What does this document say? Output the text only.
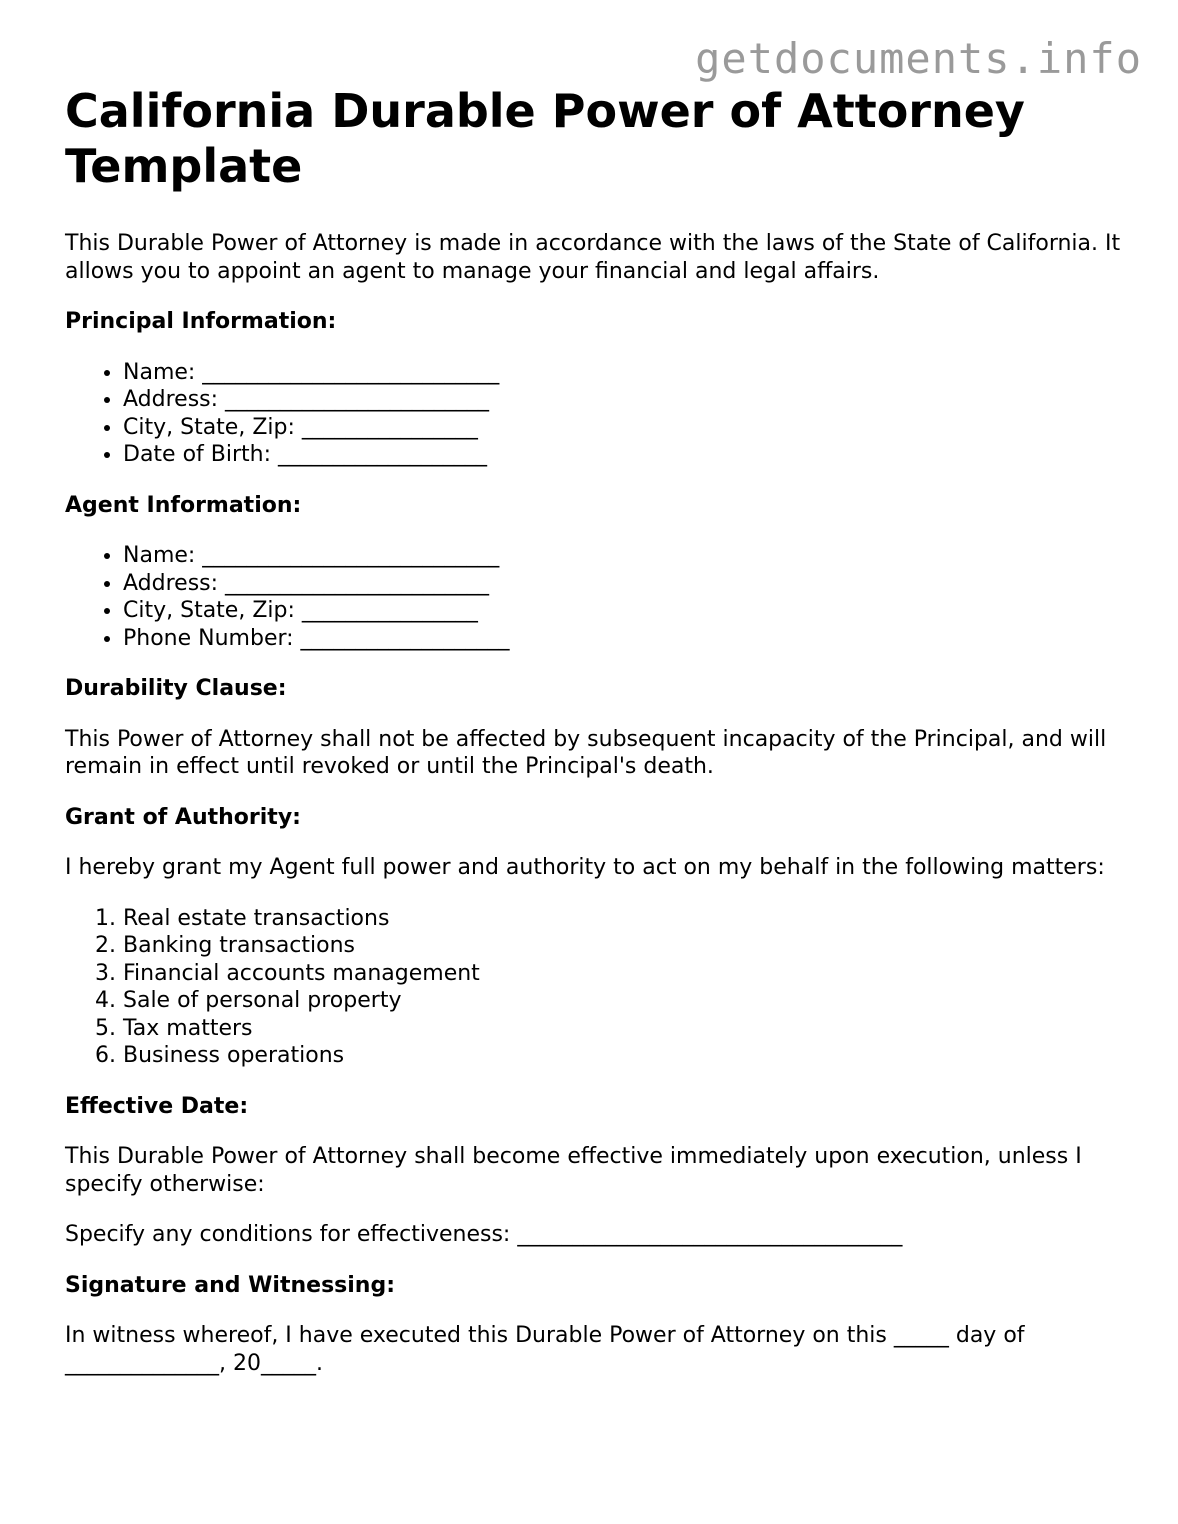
getdocuments.info
California Durable Power of Attorney Template

This Durable Power of Attorney is made in accordance with the laws of the State of California. It allows you to appoint an agent to manage your financial and legal affairs.

Principal Information:

• Name: ___________________________
• Address: ________________________
• City, State, Zip: ________________
• Date of Birth: ___________________

Agent Information:

• Name: ___________________________
• Address: ________________________
• City, State, Zip: ________________
• Phone Number: ___________________

Durability Clause:

This Power of Attorney shall not be affected by subsequent incapacity of the Principal, and will remain in effect until revoked or until the Principal's death.

Grant of Authority:

I hereby grant my Agent full power and authority to act on my behalf in the following matters:

1. Real estate transactions
2. Banking transactions
3. Financial accounts management
4. Sale of personal property
5. Tax matters
6. Business operations

Effective Date:

This Durable Power of Attorney shall become effective immediately upon execution, unless I specify otherwise:

Specify any conditions for effectiveness: ___________________________________

Signature and Witnessing:

In witness whereof, I have executed this Durable Power of Attorney on this _____ day of ______________, 20_____.
